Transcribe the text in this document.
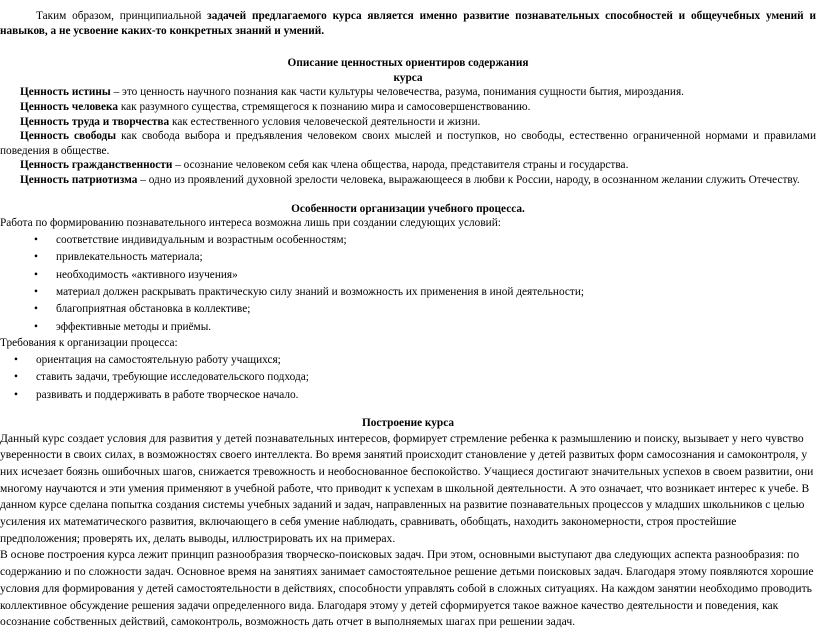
Таким образом, принципиальной задачей предлагаемого курса является именно развитие познавательных способностей и общеучебных умений и навыков, а не усвоение каких-то конкретных знаний и умений.

Описание ценностных ориентиров содержания

курса

Ценность истины – это ценность научного познания как части культуры человечества, разума, понимания сущности бытия, мироздания.

Ценность человека как разумного существа, стремящегося к познанию мира и самосовершенствованию.

Ценность труда и творчества как естественного условия человеческой деятельности и жизни.

Ценность свободы как свобода выбора и предъявления человеком своих мыслей и поступков, но свободы, естественно ограниченной нормами и правилами поведения в обществе.

Ценность гражданственности – осознание человеком себя как члена общества, народа, представителя страны и государства.

Ценность патриотизма – одно из проявлений духовной зрелости человека, выражающееся в любви к России, народу, в осознанном желании служить Отечеству.

Особенности организации учебного процесса.

Работа по формированию познавательного интереса возможна лишь при создании следующих условий:

• соответствие индивидуальным и возрастным особенностям;
• привлекательность материала;
• необходимость «активного изучения»
• материал должен раскрывать практическую силу знаний и возможность их применения в иной деятельности;
• благоприятная обстановка в коллективе;
• эффективные методы и приёмы.

Требования к организации процесса:

• ориентация на самостоятельную работу учащихся;
• ставить задачи, требующие исследовательского подхода;
• развивать и поддерживать в работе творческое начало.

Построение курса

Данный курс создает условия для развития у детей познавательных интересов, формирует стремление ребенка к размышлению и поиску, вызывает у него чувство уверенности в своих силах, в возможностях своего интеллекта. Во время занятий происходит становление у детей развитых форм самосознания и самоконтроля, у них исчезает боязнь ошибочных шагов, снижается тревожность и необоснованное беспокойство. Учащиеся достигают значительных успехов в своем развитии, они многому научаются и эти умения применяют в учебной работе, что приводит к успехам в школьной деятельности. А это означает, что возникает интерес к учебе. В данном курсе сделана попытка создания системы учебных заданий и задач, направленных на развитие познавательных процессов у младших школьников с целью усиления их математического развития, включающего в себя умение наблюдать, сравнивать, обобщать, находить закономерности, строя простейшие предположения; проверять их, делать выводы, иллюстрировать их на примерах.

В основе построения курса лежит принцип разнообразия творческо-поисковых задач. При этом, основными выступают два следующих аспекта разнообразия: по содержанию и по сложности задач. Основное время на занятиях занимает самостоятельное решение детьми поисковых задач. Благодаря этому появляются хорошие условия для формирования у детей самостоятельности в действиях, способности управлять собой в сложных ситуациях. На каждом занятии необходимо проводить коллективное обсуждение решения задачи определенного вида. Благодаря этому у детей сформируется такое важное качество деятельности и поведения, как осознание собственных действий, самоконтроль, возможность дать отчет в выполняемых шагах при решении задач.
